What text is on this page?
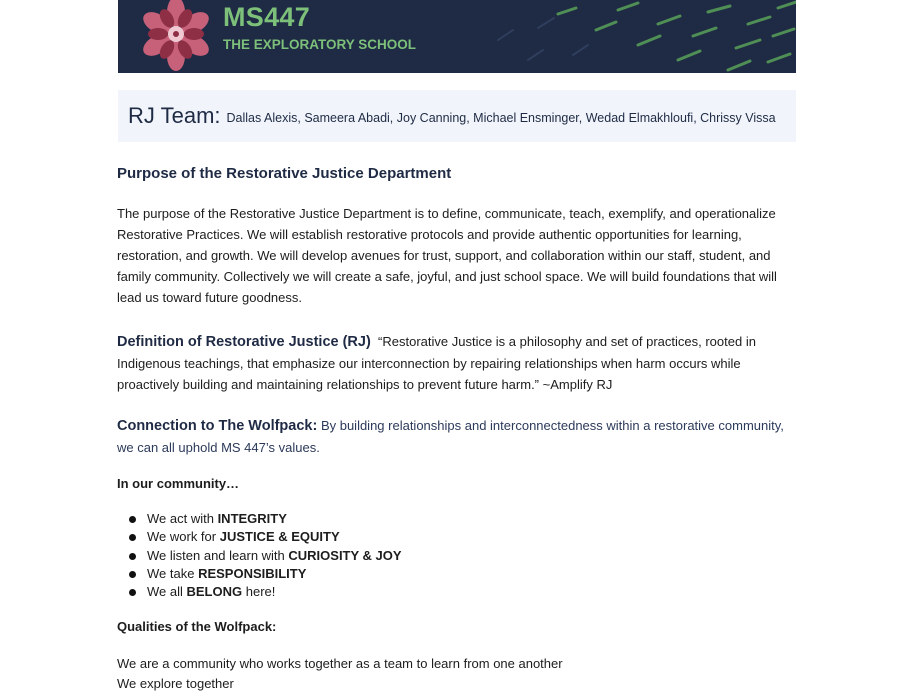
MS447

THE EXPLORATORY SCHOOL

RJ Team: Dallas Alexis, Sameera Abadi, Joy Canning, Michael Ensminger, Wedad Elmakhloufi, Chrissy Vissa
Purpose of the Restorative Justice Department

The purpose of the Restorative Justice Department is to define, communicate, teach, exemplify, and operationalize Restorative Practices. We will establish restorative protocols and provide authentic opportunities for learning, restoration, and growth. We will develop avenues for trust, support, and collaboration within our staff, student, and family community. Collectively we will create a safe, joyful, and just school space. We will build foundations that will lead us toward future goodness.

Definition of Restorative Justice (RJ) “Restorative Justice is a philosophy and set of practices, rooted in Indigenous teachings, that emphasize our interconnection by repairing relationships when harm occurs while proactively building and maintaining relationships to prevent future harm.” ~Amplify RJ

Connection to The Wolfpack: By building relationships and interconnectedness within a restorative community, we can all uphold MS 447’s values.

In our community…

We act with INTEGRITY
We work for JUSTICE & EQUITY
We listen and learn with CURIOSITY & JOY
We take RESPONSIBILITY
We all BELONG here!

Qualities of the Wolfpack:

We are a community who works together as a team to learn from one another

We explore together
